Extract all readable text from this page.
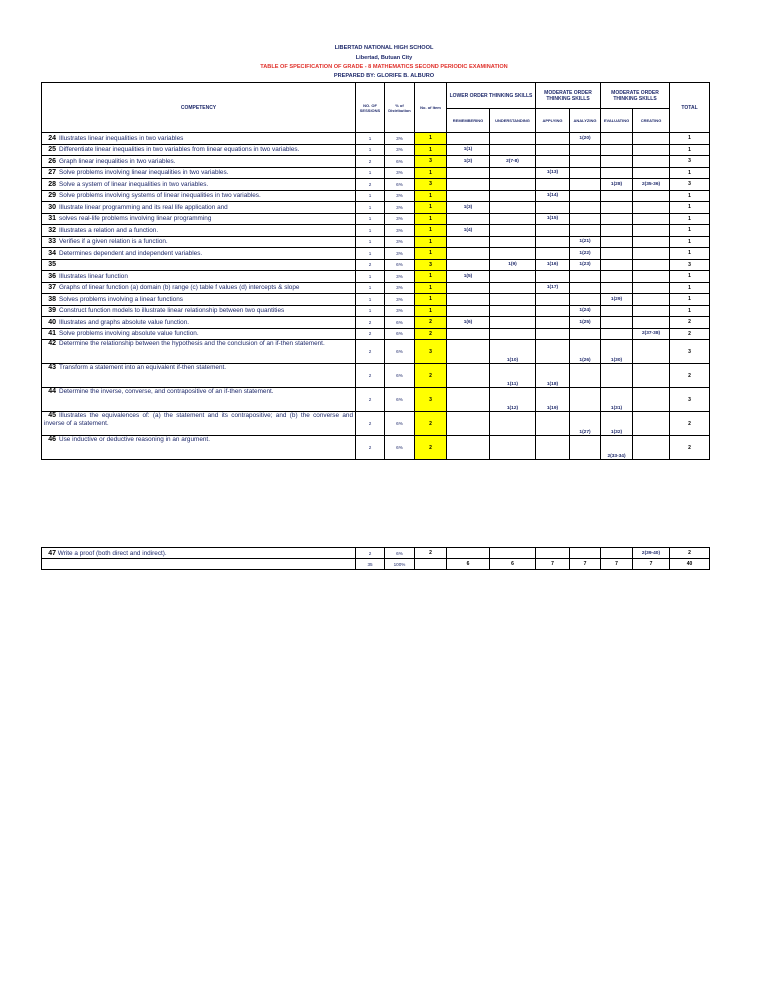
LIBERTAD NATIONAL HIGH SCHOOL
Libertad, Butuan City
TABLE OF SPECIFICATION OF GRADE - 8 MATHEMATICS SECOND PERIODIC EXAMINATION
PREPARED BY: GLORIFE B. ALBURO
COMPETENCY	NO. OF SESSIONS	% of Distribution	No. of Item	LOWER ORDER THINKING SKILLS		MODERATE ORDER THINKING SKILLS		MODERATE ORDER THINKING SKILLS		TOTAL
				REMEMBERING	UNDERSTANDING	APPLYING	ANALYZING	EVALUATING	CREATING	

24 Illustrates linear inequalities in two variables	1	3%	1				1(20)			1

25 Differentiate linear inequalities in two variables from linear equations in two variables.	1	3%	1	1(1)						1

26 Graph linear inequalities in two variables.	2	6%	3	1(2)	2(7-8)					3

27 Solve problems involving linear inequalities in two variables.	1	3%	1			1(13)				1

28 Solve a system of linear inequalities in two variables.	2	6%	3					1(28)	2(35-36)	3

29 Solve problems involving systems of linear inequalities in two variables.	1	3%	1			1(14)				1

30 Illustrate linear programming and its real life application and	1	3%	1	1(3)						1

31 solves real-life problems involving linear programming	1	3%	1			1(15)				1

32 Illustrates a relation and a function.	1	3%	1	1(4)						1

33 Verifies if a given relation is a function.	1	3%	1				1(21)			1

34 Determines dependent and independent variables.	1	3%	1				1(22)			1

35	2	6%	3		1(9)	1(16)	1(23)			3

36 Illustrates linear function	1	3%	1	1(5)						1

37 Graphs of linear function (a) domain (b) range (c) table f values (d) intercepts & slope	1	3%	1			1(17)				1

38 Solves problems involving a linear functions	1	3%	1					1(29)		1

39 Construct function models to illustrate linear relationship between two quantities	1	3%	1				1(24)			1

40 Illustrates and graphs absolute value function.	2	6%	2	1(6)			1(25)			2

41 Solve problems involving absolute value function.	2	6%	2						2(37-38)	2

42 Determine the relationship between the hypothesis and the conclusion of an if-then statement.	2	6%	3		1(10)		1(26)	1(30)		3

43 Transform a statement into an equivalent if-then statement.	2	6%	2		1(11)	1(18)				2

44 Determine the inverse, converse, and contrapositive of an if-then statement.	2	6%	3		1(12)	1(19)		1(31)		3

45 Illustrates the equivalences of: (a) the statement and its contrapositive; and (b) the converse and inverse of a statement.	2	6%	2				1(27)	1(32)		2

46 Use inductive or deductive reasoning in an argument.	2	6%	2					2(33-34)		2
47 Write a proof (both direct and indirect).	2	6%	2						2(39-40)	2
	35	100%		6	6	7	7	7	7	40
